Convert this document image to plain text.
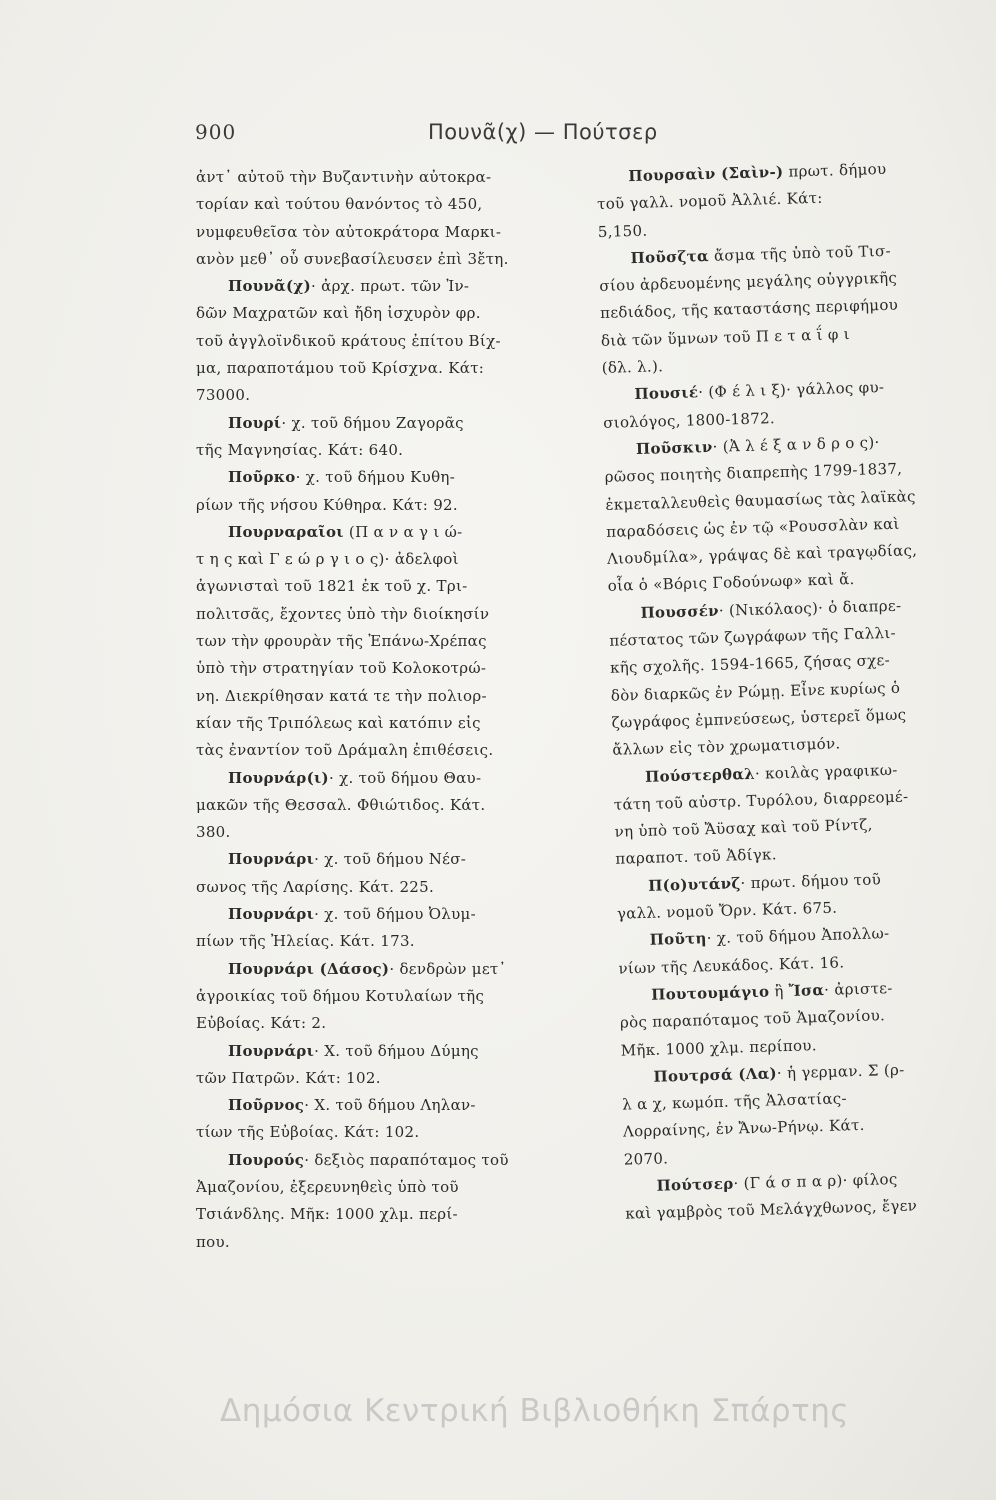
900	Πουνᾶ(χ) — Πούτσερ
ἀντ᾽ αὐτοῦ τὴν Βυζαντινὴν αὐτοκρα-
τορίαν καὶ τούτου θανόντος τὸ 450,
νυμφευθεῖσα τὸν αὐτοκράτορα Μαρκι-
ανὸν μεθ᾽ οὗ συνεβασίλευσεν ἐπὶ 3ἔτη.
Πουνᾶ(χ)· ἀρχ. πρωτ. τῶν Ἰν-
δῶν Μαχρατῶν καὶ ἤδη ἰσχυρὸν φρ.
τοῦ ἀγγλοϊνδικοῦ κράτους ἐπίτου Βίχ-
μα, παραποτάμου τοῦ Κρίσχνα. Κάτ:
73000.
Πουρί· χ. τοῦ δήμου Ζαγορᾶς
τῆς Μαγνησίας. Κάτ: 640.
Ποῦρκο· χ. τοῦ δήμου Κυθη-
ρίων τῆς νήσου Κύθηρα. Κάτ: 92.
Πουρναραῖοι (Π α ν α γ ι ώ-
τ η ς καὶ Γ ε ώ ρ γ ι ο ς)· ἀδελφοὶ
ἀγωνισταὶ τοῦ 1821 ἐκ τοῦ χ. Τρι-
πολιτσᾶς, ἔχοντες ὑπὸ τὴν διοίκησίν
των τὴν φρουρὰν τῆς Ἐπάνω-Χρέπας
ὑπὸ τὴν στρατηγίαν τοῦ Κολοκοτρώ-
νη. Διεκρίθησαν κατά τε τὴν πολιορ-
κίαν τῆς Τριπόλεως καὶ κατόπιν εἰς
τὰς ἐναντίον τοῦ Δράμαλη ἐπιθέσεις.
Πουρνάρ(ι)· χ. τοῦ δήμου Θαυ-
μακῶν τῆς Θεσσαλ. Φθιώτιδος. Κάτ.
380.
Πουρνάρι· χ. τοῦ δήμου Νέσ-
σωνος τῆς Λαρίσης. Κάτ. 225.
Πουρνάρι· χ. τοῦ δήμου Ὀλυμ-
πίων τῆς Ἠλείας. Κάτ. 173.
Πουρνάρι (Δάσος)· δενδρὼν μετ᾽
ἀγροικίας τοῦ δήμου Κοτυλαίων τῆς
Εὐβοίας. Κάτ: 2.
Πουρνάρι· Χ. τοῦ δήμου Δύμης
τῶν Πατρῶν. Κάτ: 102.
Ποῦρνος· Χ. τοῦ δήμου Ληλαν-
τίων τῆς Εὐβοίας. Κάτ: 102.
Πουρούς· δεξιὸς παραπόταμος τοῦ
Ἀμαζονίου, ἐξερευνηθεὶς ὑπὸ τοῦ
Τσιάνδλης. Μῆκ: 1000 χλμ. περί-
που.
Πουρσαὶν (Σαὶν-) πρωτ. δήμου
τοῦ γαλλ. νομοῦ Ἀλλιέ. Κάτ:
5,150.
Ποῦσζτα ἄσμα τῆς ὑπὸ τοῦ Τισ-
σίου ἀρδευομένης μεγάλης οὑγγρικῆς
πεδιάδος, τῆς καταστάσης περιφήμου
διὰ τῶν ὕμνων τοῦ Π ε τ α ΐ φ ι
(δλ. λ.).
Πουσιέ· (Φ έ λ ι ξ)· γάλλος φυ-
σιολόγος, 1800-1872.
Ποῦσκιν· (Ἀ λ έ ξ α ν δ ρ ο ς)·
ρῶσος ποιητὴς διαπρεπὴς 1799-1837,
ἐκμεταλλευθεὶς θαυμασίως τὰς λαϊκὰς
παραδόσεις ὡς ἐν τῷ «Ρουσσλὰν καὶ
Λιουδμίλα», γράψας δὲ καὶ τραγῳδίας,
οἷα ὁ «Βόρις Γοδούνωφ» καὶ ἄ.
Πουσσέν· (Νικόλαος)· ὁ διαπρε-
πέστατος τῶν ζωγράφων τῆς Γαλλι-
κῆς σχολῆς. 1594-1665, ζήσας σχε-
δὸν διαρκῶς ἐν Ρώμῃ. Εἶνε κυρίως ὁ
ζωγράφος ἐμπνεύσεως, ὑστερεῖ ὅμως
ἄλλων εἰς τὸν χρωματισμόν.
Πούστερθαλ· κοιλὰς γραφικω-
τάτη τοῦ αὐστρ. Τυρόλου, διαρρεομέ-
νη ὑπὸ τοῦ Ἄϋσαχ καὶ τοῦ Ρίντζ,
παραποτ. τοῦ Ἀδίγκ.
Π(ο)υτάνζ· πρωτ. δήμου τοῦ
γαλλ. νομοῦ Ὄρν. Κάτ. 675.
Ποῦτη· χ. τοῦ δήμου Ἀπολλω-
νίων τῆς Λευκάδος. Κάτ. 16.
Πουτουμάγιο ἢ Ἴσα· ἀριστε-
ρὸς παραπόταμος τοῦ Ἀμαζονίου.
Μῆκ. 1000 χλμ. περίπου.
Πουτρσά (Λα)· ἡ γερμαν. Σ (ρ-
λ α χ, κωμόπ. τῆς Ἀλσατίας-
Λορραίνης, ἐν Ἄνω-Ρήνῳ. Κάτ.
2070.
Πούτσερ· (Γ ά σ π α ρ)· φίλος
καὶ γαμβρὸς τοῦ Μελάγχθωνος, ἔγεν
Δημόσια Κεντρική Βιβλιοθήκη Σπάρτης
